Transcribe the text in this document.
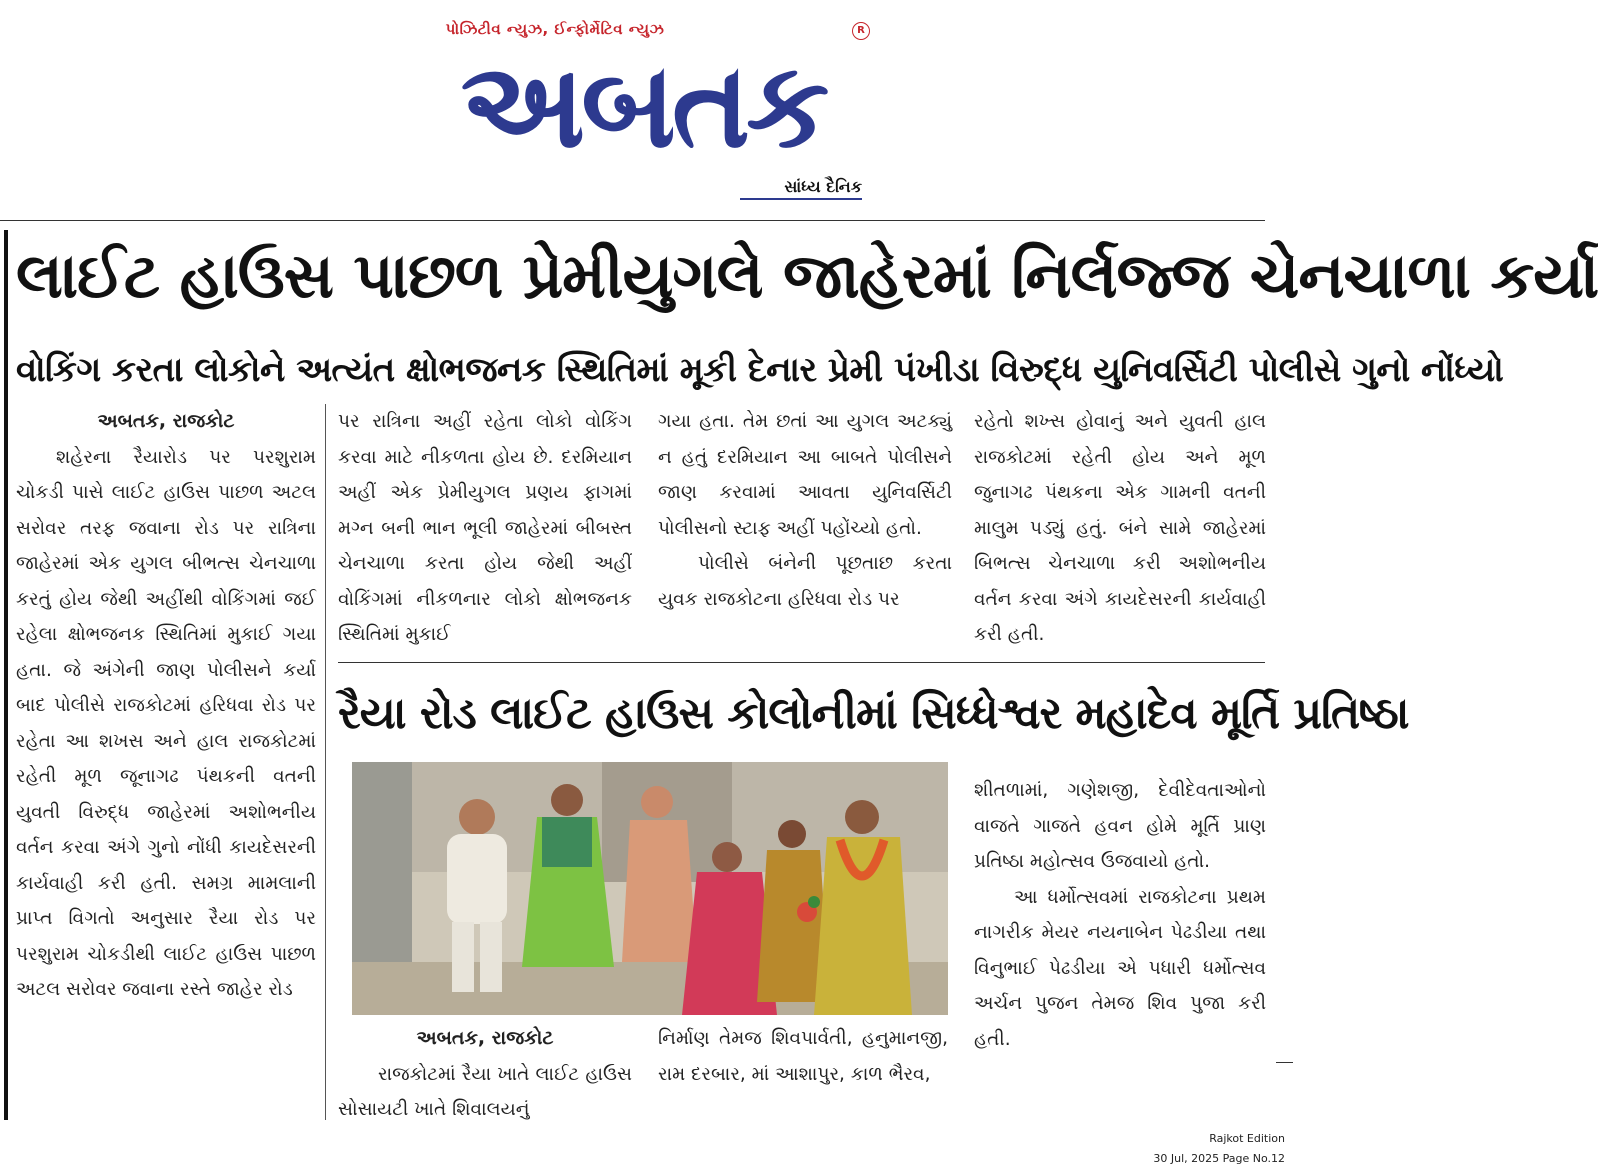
પોઝિટીવ ન્યુઝ, ઈન્ફોર્મેટિવ ન્યુઝ	R
અબતક
સાંધ્ય દૈનિક
લાઈટ હાઉસ પાછળ પ્રેમીયુગલે જાહેરમાં નિર્લજ્જ ચેનચાળા કર્યા
વોકિંગ કરતા લોકોને અત્યંત ક્ષોભજનક સ્થિતિમાં મૂકી દેનાર પ્રેમી પંખીડા વિરુદ્ધ યુનિવર્સિટી પોલીસે ગુનો નોંધ્યો

અબતક, રાજકોટ

શહેરના રૈયારોડ પર પરશુરામ ચોકડી પાસે લાઈટ હાઉસ પાછળ અટલ સરોવર તરફ જવાના રોડ પર રાત્રિના જાહેરમાં એક યુગલ બીભત્સ ચેનચાળા કરતું હોય જેથી અહીંથી વોકિંગમાં જઈ રહેલા ક્ષોભજનક સ્થિતિમાં મુકાઈ ગયા હતા. જે અંગેની જાણ પોલીસને કર્યા બાદ પોલીસે રાજકોટમાં હરિધવા રોડ પર રહેતા આ શખસ અને હાલ રાજકોટમાં રહેતી મૂળ જૂનાગઢ પંથકની વતની યુવતી વિરુદ્ધ જાહેરમાં અશોભનીય વર્તન કરવા અંગે ગુનો નોંધી કાયદેસરની કાર્યવાહી કરી હતી. સમગ્ર મામલાની પ્રાપ્ત વિગતો અનુસાર રૈયા રોડ પર પરશુરામ ચોકડીથી લાઈટ હાઉસ પાછળ અટલ સરોવર જવાના રસ્તે જાહેર રોડ

પર રાત્રિના અહીં રહેતા લોકો વોકિંગ કરવા માટે નીકળતા હોય છે. દરમિયાન અહીં એક પ્રેમીયુગલ પ્રણય ફાગમાં મગ્ન બની ભાન ભૂલી જાહેરમાં બીબસ્ત ચેનચાળા કરતા હોય જેથી અહીં વોકિંગમાં નીકળનાર લોકો ક્ષોભજનક સ્થિતિમાં મુકાઈ

ગયા હતા. તેમ છતાં આ યુગલ અટક્યું ન હતું દરમિયાન આ બાબતે પોલીસને જાણ કરવામાં આવતા યુનિવર્સિટી પોલીસનો સ્ટાફ અહીં પહોંચ્યો હતો.

પોલીસે બંનેની પૂછતાછ કરતા યુવક રાજકોટના હરિધવા રોડ પર

રહેતો શખ્સ હોવાનું અને યુવતી હાલ રાજકોટમાં રહેતી હોય અને મૂળ જુનાગઢ પંથકના એક ગામની વતની માલુમ પડ્યું હતું. બંને સામે જાહેરમાં બિભત્સ ચેનચાળા કરી અશોભનીય વર્તન કરવા અંગે કાયદેસરની કાર્યવાહી કરી હતી.

રૈયા રોડ લાઈટ હાઉસ કોલોનીમાં સિધ્ધેશ્વર મહાદેવ મૂર્તિ પ્રતિષ્ઠા

અબતક, રાજકોટ

રાજકોટમાં રૈયા ખાતે લાઈટ હાઉસ સોસાયટી ખાતે શિવાલયનું

નિર્માણ તેમજ શિવપાર્વતી, હનુમાનજી, રામ દરબાર, માં આશાપુર, કાળ ભૈરવ,

શીતળામાં, ગણેશજી, દેવીદેવતાઓનો વાજતે ગાજતે હવન હોમે મૂર્તિ પ્રાણ પ્રતિષ્ઠા મહોત્સવ ઉજવાયો હતો.

આ ધર્મોત્સવમાં રાજકોટના પ્રથમ નાગરીક મેયર નયનાબેન પેઢડીયા તથા વિનુભાઈ પેઢડીયા એ પધારી ધર્મોત્સવ અર્ચન પુજન તેમજ શિવ પુજા કરી હતી.

Rajkot Edition
30 Jul, 2025 Page No.12
